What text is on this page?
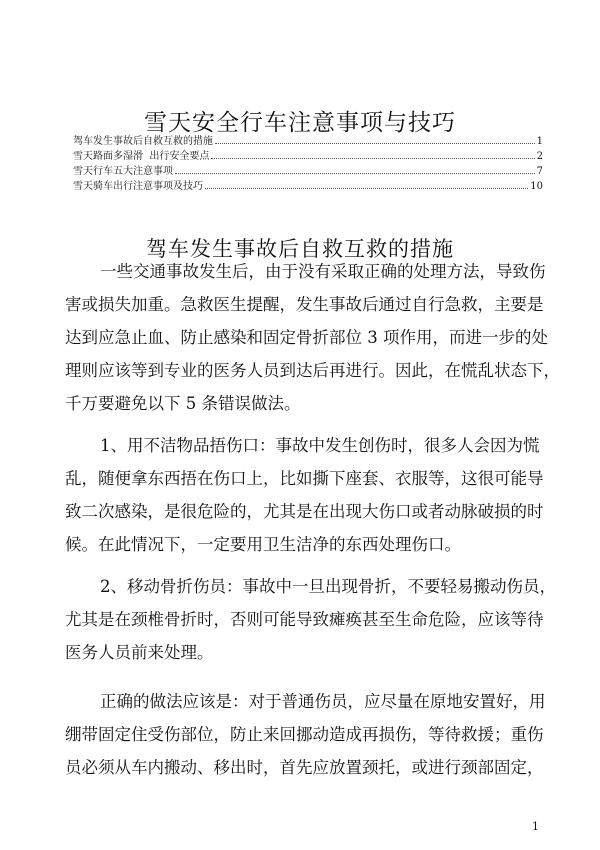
雪天安全行车注意事项与技巧
驾车发生事故后自救互救的措施	1
雪天路面多湿滑  出行安全要点	2
雪天行车五大注意事项	7
雪天骑车出行注意事项及技巧	10
驾车发生事故后自救互救的措施
一些交通事故发生后，由于没有采取正确的处理方法，导致伤
害或损失加重。急救医生提醒，发生事故后通过自行急救，主要是
达到应急止血、防止感染和固定骨折部位 3 项作用，而进一步的处
理则应该等到专业的医务人员到达后再进行。因此，在慌乱状态下，
千万要避免以下 5 条错误做法。
1、用不洁物品捂伤口：事故中发生创伤时，很多人会因为慌
乱，随便拿东西捂在伤口上，比如撕下座套、衣服等，这很可能导
致二次感染，是很危险的，尤其是在出现大伤口或者动脉破损的时
候。在此情况下，一定要用卫生洁净的东西处理伤口。
2、移动骨折伤员：事故中一旦出现骨折，不要轻易搬动伤员，
尤其是在颈椎骨折时，否则可能导致瘫痪甚至生命危险，应该等待
医务人员前来处理。
正确的做法应该是：对于普通伤员，应尽量在原地安置好，用
绷带固定住受伤部位，防止来回挪动造成再损伤，等待救援；重伤
员必须从车内搬动、移出时，首先应放置颈托，或进行颈部固定，
1
